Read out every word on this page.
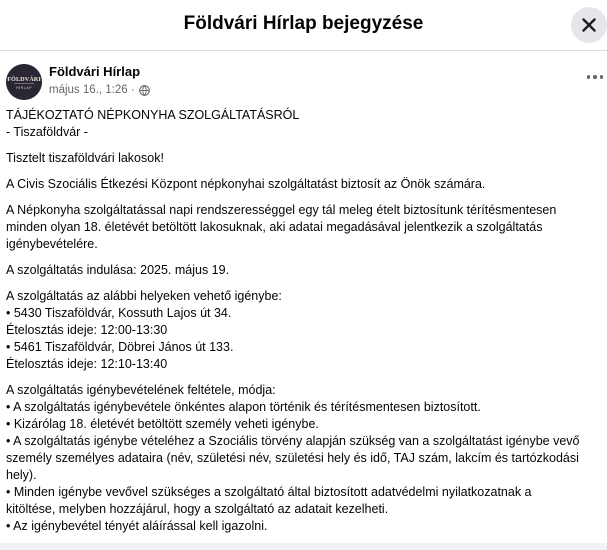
Földvári Hírlap bejegyzése
FÖLDVÁRI
HÍRLAP
Földvári Hírlap
május 16., 1:26 ·

TÁJÉKOZTATÓ NÉPKONYHA SZOLGÁLTATÁSRÓL
- Tiszaföldvár -

Tisztelt tiszaföldvári lakosok!

A Civis Szociális Étkezési Központ népkonyhai szolgáltatást biztosít az Önök számára.

A Népkonyha szolgáltatással napi rendszerességgel egy tál meleg ételt biztosítunk térítésmentesen
minden olyan 18. életévét betöltött lakosuknak, aki adatai megadásával jelentkezik a szolgáltatás
igénybevételére.

A szolgáltatás indulása: 2025. május 19.

A szolgáltatás az alábbi helyeken vehető igénybe:
• 5430 Tiszaföldvár, Kossuth Lajos út 34.
Ételosztás ideje: 12:00-13:30
• 5461 Tiszaföldvár, Döbrei János út 133.
Ételosztás ideje: 12:10-13:40

A szolgáltatás igénybevételének feltétele, módja:
• A szolgáltatás igénybevétele önkéntes alapon történik és térítésmentesen biztosított.
• Kizárólag 18. életévét betöltött személy veheti igénybe.
• A szolgáltatás igénybe vételéhez a Szociális törvény alapján szükség van a szolgáltatást igénybe vevő
személy személyes adataira (név, születési név, születési hely és idő, TAJ szám, lakcím és tartózkodási
hely).
• Minden igénybe vevővel szükséges a szolgáltató által biztosított adatvédelmi nyilatkozatnak a
kitöltése, melyben hozzájárul, hogy a szolgáltató az adatait kezelheti.
• Az igénybevétel tényét aláírással kell igazolni.
